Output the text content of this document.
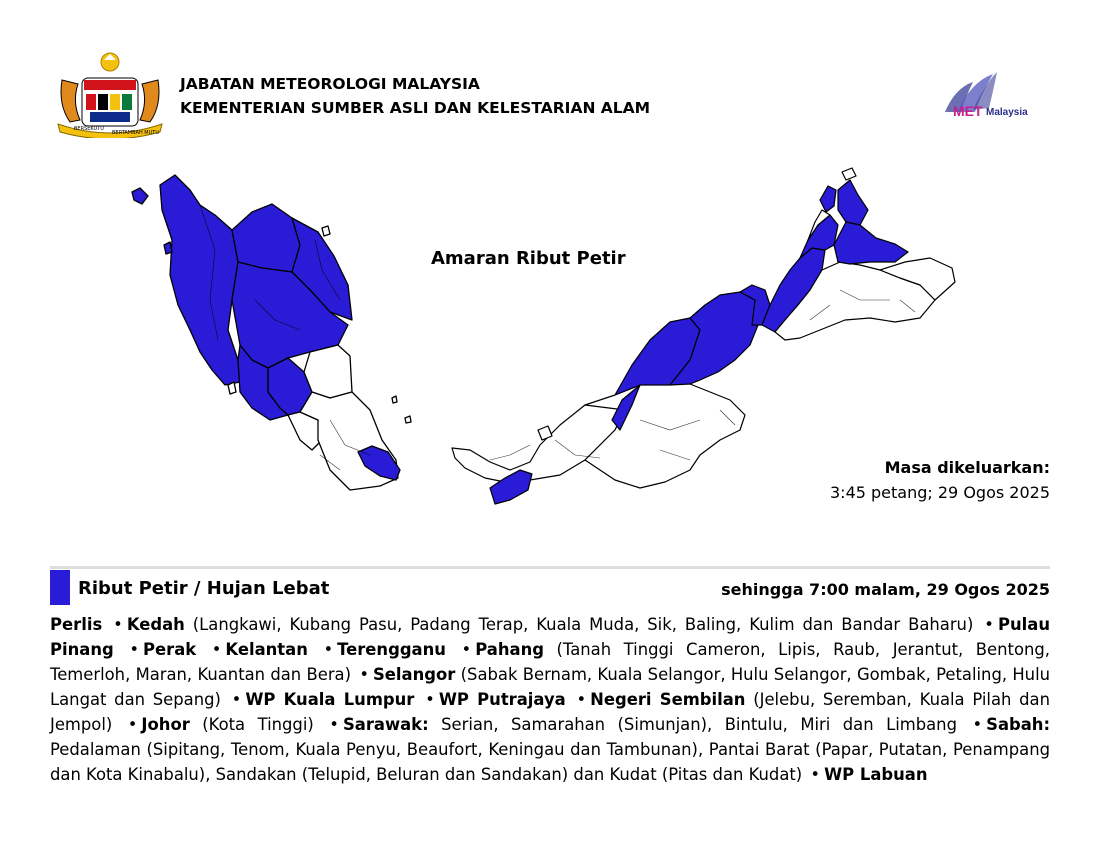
BERSEKUTU
BERTAMBAH MUTU
JABATAN METEOROLOGI MALAYSIA
KEMENTERIAN SUMBER ASLI DAN KELESTARIAN ALAM	MET Malaysia
Amaran Ribut Petir
Masa dikeluarkan:
3:45 petang; 29 Ogos 2025
Ribut Petir / Hujan Lebat	sehingga 7:00 malam, 29 Ogos 2025
Perlis • Kedah (Langkawi, Kubang Pasu, Padang Terap, Kuala Muda, Sik, Baling, Kulim dan Bandar Baharu) • Pulau Pinang • Perak • Kelantan • Terengganu • Pahang (Tanah Tinggi Cameron, Lipis, Raub, Jerantut, Bentong, Temerloh, Maran, Kuantan dan Bera) • Selangor (Sabak Bernam, Kuala Selangor, Hulu Selangor, Gombak, Petaling, Hulu Langat dan Sepang) • WP Kuala Lumpur • WP Putrajaya • Negeri Sembilan (Jelebu, Seremban, Kuala Pilah dan Jempol) • Johor (Kota Tinggi) • Sarawak: Serian, Samarahan (Simunjan), Bintulu, Miri dan Limbang • Sabah: Pedalaman (Sipitang, Tenom, Kuala Penyu, Beaufort, Keningau dan Tambunan), Pantai Barat (Papar, Putatan, Penampang dan Kota Kinabalu), Sandakan (Telupid, Beluran dan Sandakan) dan Kudat (Pitas dan Kudat) • WP Labuan
